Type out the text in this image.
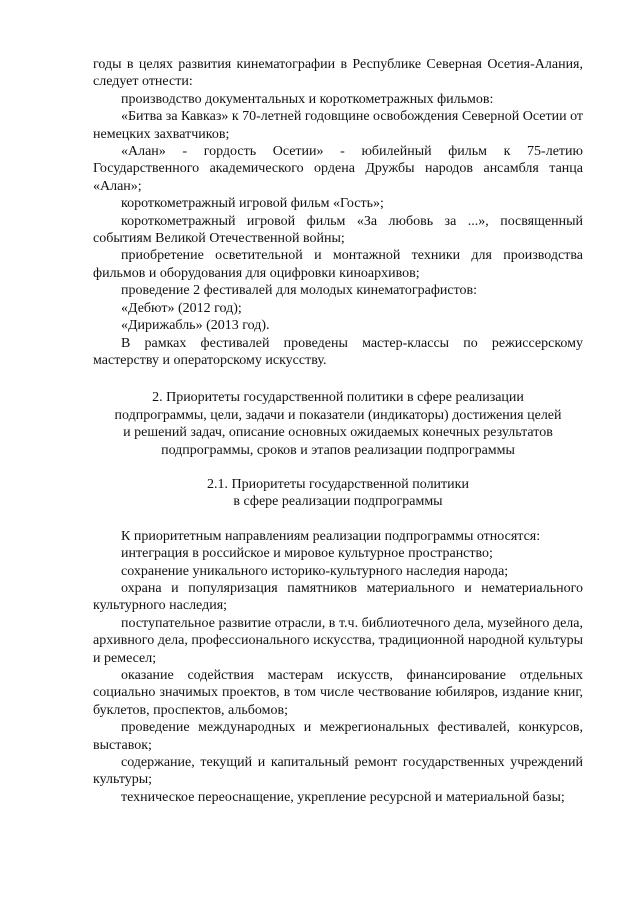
годы в целях развития кинематографии в Республике Северная Осетия-Алания, следует отнести:

производство документальных и короткометражных фильмов:

«Битва за Кавказ» к 70-летней годовщине освобождения Северной Осетии от немецких захватчиков;

«Алан» - гордость Осетии» - юбилейный фильм к 75-летию Государственного академического ордена Дружбы народов ансамбля танца «Алан»;

короткометражный игровой фильм «Гость»;

короткометражный игровой фильм «За любовь за ...», посвященный событиям Великой Отечественной войны;

приобретение осветительной и монтажной техники для производства фильмов и оборудования для оцифровки киноархивов;

проведение 2 фестивалей для молодых кинематографистов:

«Дебют» (2012 год);

«Дирижабль» (2013 год).

В рамках фестивалей проведены мастер-классы по режиссерскому мастерству и операторскому искусству.

2. Приоритеты государственной политики в сфере реализации

подпрограммы, цели, задачи и показатели (индикаторы) достижения целей

и решений задач, описание основных ожидаемых конечных результатов

подпрограммы, сроков и этапов реализации подпрограммы

2.1. Приоритеты государственной политики

в сфере реализации подпрограммы

К приоритетным направлениям реализации подпрограммы относятся:

интеграция в российское и мировое культурное пространство;

сохранение уникального историко-культурного наследия народа;

охрана и популяризация памятников материального и нематериального культурного наследия;

поступательное развитие отрасли, в т.ч. библиотечного дела, музейного дела, архивного дела, профессионального искусства, традиционной народной культуры и ремесел;

оказание содействия мастерам искусств, финансирование отдельных социально значимых проектов, в том числе чествование юбиляров, издание книг, буклетов, проспектов, альбомов;

проведение международных и межрегиональных фестивалей, конкурсов, выставок;

содержание, текущий и капитальный ремонт государственных учреждений культуры;

техническое переоснащение, укрепление ресурсной и материальной базы;
